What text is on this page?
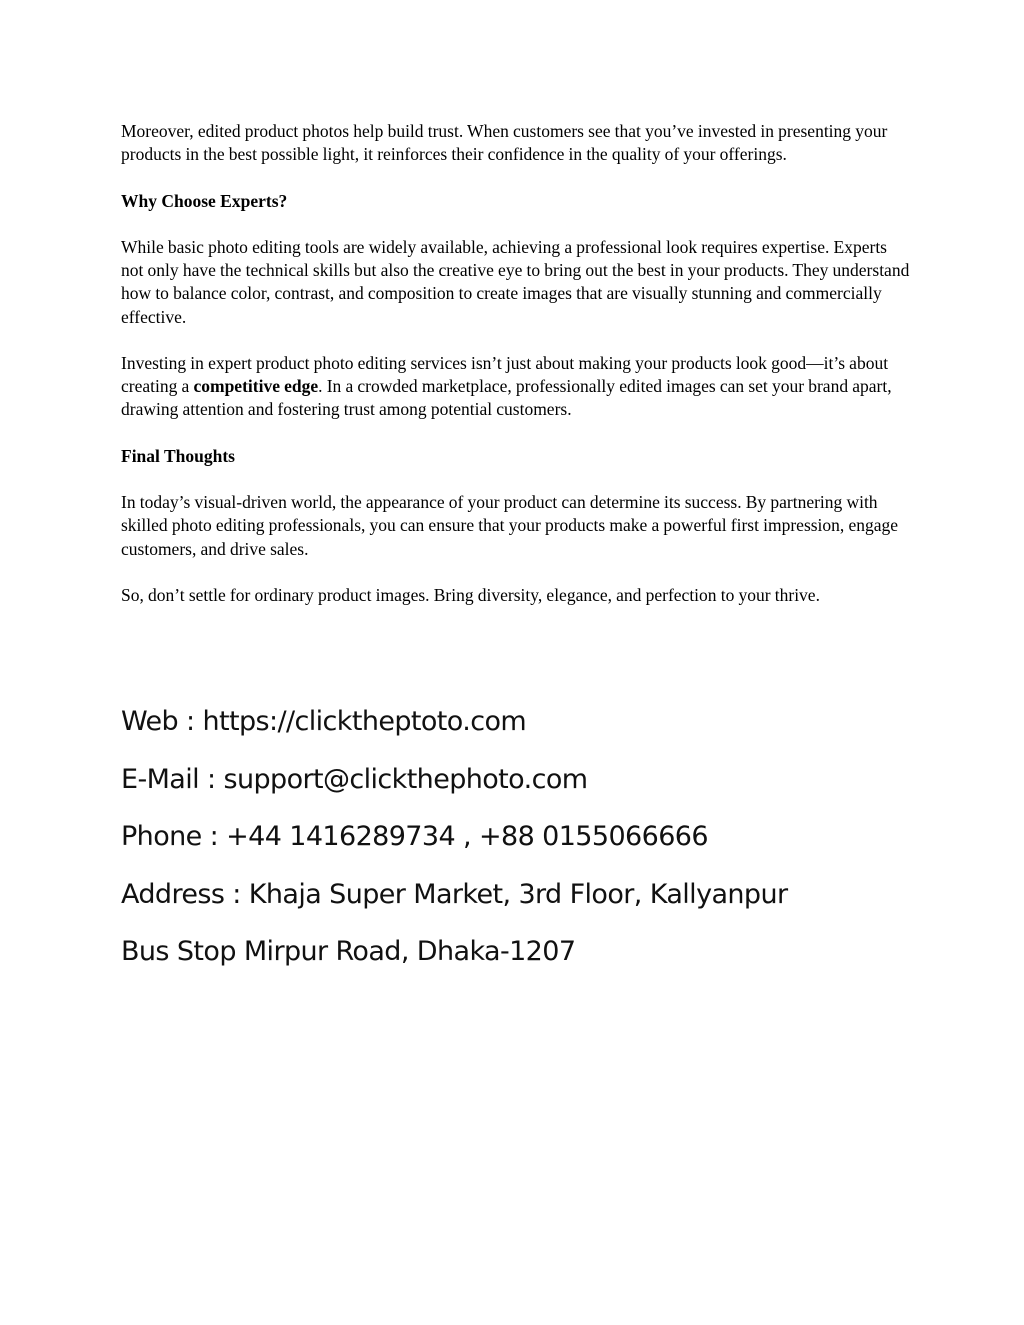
Moreover, edited product photos help build trust. When customers see that you’ve invested in presenting your products in the best possible light, it reinforces their confidence in the quality of your offerings.

Why Choose Experts?

While basic photo editing tools are widely available, achieving a professional look requires expertise. Experts not only have the technical skills but also the creative eye to bring out the best in your products. They understand how to balance color, contrast, and composition to create images that are visually stunning and commercially effective.

Investing in expert product photo editing services isn’t just about making your products look good—it’s about creating a competitive edge. In a crowded marketplace, professionally edited images can set your brand apart, drawing attention and fostering trust among potential customers.

Final Thoughts

In today’s visual-driven world, the appearance of your product can determine its success. By partnering with skilled photo editing professionals, you can ensure that your products make a powerful first impression, engage customers, and drive sales.

So, don’t settle for ordinary product images. Bring diversity, elegance, and perfection to your thrive.

Web : https://clicktheptoto.com
E-Mail : support@clickthephoto.com
Phone : +44 1416289734 , +88 0155066666
Address : Khaja Super Market, 3rd Floor, Kallyanpur
Bus Stop Mirpur Road, Dhaka-1207
